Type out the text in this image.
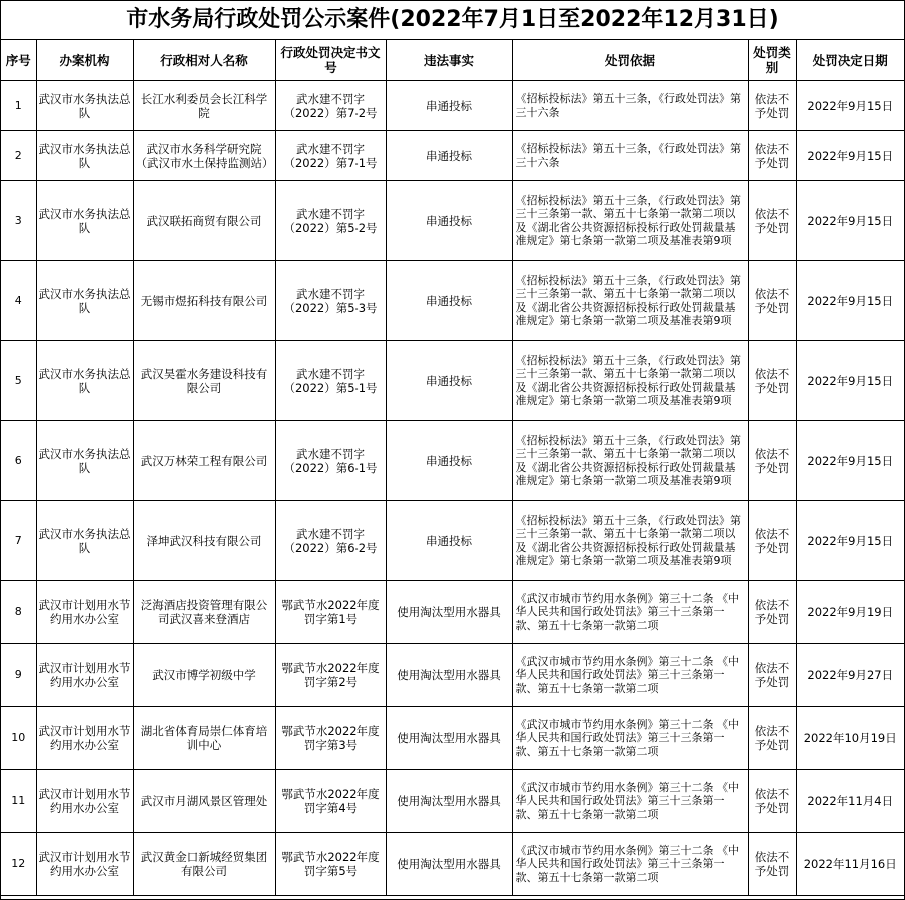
市水务局行政处罚公示案件(2022年7月1日至2022年12月31日)
序号	办案机构	行政相对人名称	行政处罚决定书文号	违法事实	处罚依据	处罚类别	处罚决定日期
1	武汉市水务执法总队	长江水利委员会长江科学院	武水建不罚字（2022）第7-2号	串通投标	《招标投标法》第五十三条，《行政处罚法》第三十六条	依法不予处罚	2022年9月15日
2	武汉市水务执法总队	武汉市水务科学研究院（武汉市水土保持监测站）	武水建不罚字（2022）第7-1号	串通投标	《招标投标法》第五十三条，《行政处罚法》第三十六条	依法不予处罚	2022年9月15日
3	武汉市水务执法总队	武汉联拓商贸有限公司	武水建不罚字（2022）第5-2号	串通投标	《招标投标法》第五十三条，《行政处罚法》第三十三条第一款、第五十七条第一款第二项以及《湖北省公共资源招标投标行政处罚裁量基准规定》第七条第一款第二项及基准表第9项	依法不予处罚	2022年9月15日
4	武汉市水务执法总队	无锡市煜拓科技有限公司	武水建不罚字（2022）第5-3号	串通投标	《招标投标法》第五十三条，《行政处罚法》第三十三条第一款、第五十七条第一款第二项以及《湖北省公共资源招标投标行政处罚裁量基准规定》第七条第一款第二项及基准表第9项	依法不予处罚	2022年9月15日
5	武汉市水务执法总队	武汉昊霍水务建设科技有限公司	武水建不罚字（2022）第5-1号	串通投标	《招标投标法》第五十三条，《行政处罚法》第三十三条第一款、第五十七条第一款第二项以及《湖北省公共资源招标投标行政处罚裁量基准规定》第七条第一款第二项及基准表第9项	依法不予处罚	2022年9月15日
6	武汉市水务执法总队	武汉万林荣工程有限公司	武水建不罚字（2022）第6-1号	串通投标	《招标投标法》第五十三条，《行政处罚法》第三十三条第一款、第五十七条第一款第二项以及《湖北省公共资源招标投标行政处罚裁量基准规定》第七条第一款第二项及基准表第9项	依法不予处罚	2022年9月15日
7	武汉市水务执法总队	泽坤武汉科技有限公司	武水建不罚字（2022）第6-2号	串通投标	《招标投标法》第五十三条，《行政处罚法》第三十三条第一款、第五十七条第一款第二项以及《湖北省公共资源招标投标行政处罚裁量基准规定》第七条第一款第二项及基准表第9项	依法不予处罚	2022年9月15日
8	武汉市计划用水节约用水办公室	泛海酒店投资管理有限公司武汉喜来登酒店	鄂武节水2022年度罚字第1号	使用淘汰型用水器具	《武汉市城市节约用水条例》第三十二条 《中华人民共和国行政处罚法》第三十三条第一款、第五十七条第一款第二项	依法不予处罚	2022年9月19日
9	武汉市计划用水节约用水办公室	武汉市博学初级中学	鄂武节水2022年度罚字第2号	使用淘汰型用水器具	《武汉市城市节约用水条例》第三十二条 《中华人民共和国行政处罚法》第三十三条第一款、第五十七条第一款第二项	依法不予处罚	2022年9月27日
10	武汉市计划用水节约用水办公室	湖北省体育局崇仁体育培训中心	鄂武节水2022年度罚字第3号	使用淘汰型用水器具	《武汉市城市节约用水条例》第三十二条 《中华人民共和国行政处罚法》第三十三条第一款、第五十七条第一款第二项	依法不予处罚	2022年10月19日
11	武汉市计划用水节约用水办公室	武汉市月湖风景区管理处	鄂武节水2022年度罚字第4号	使用淘汰型用水器具	《武汉市城市节约用水条例》第三十二条 《中华人民共和国行政处罚法》第三十三条第一款、第五十七条第一款第二项	依法不予处罚	2022年11月4日
12	武汉市计划用水节约用水办公室	武汉黄金口新城经贸集团有限公司	鄂武节水2022年度罚字第5号	使用淘汰型用水器具	《武汉市城市节约用水条例》第三十二条 《中华人民共和国行政处罚法》第三十三条第一款、第五十七条第一款第二项	依法不予处罚	2022年11月16日
